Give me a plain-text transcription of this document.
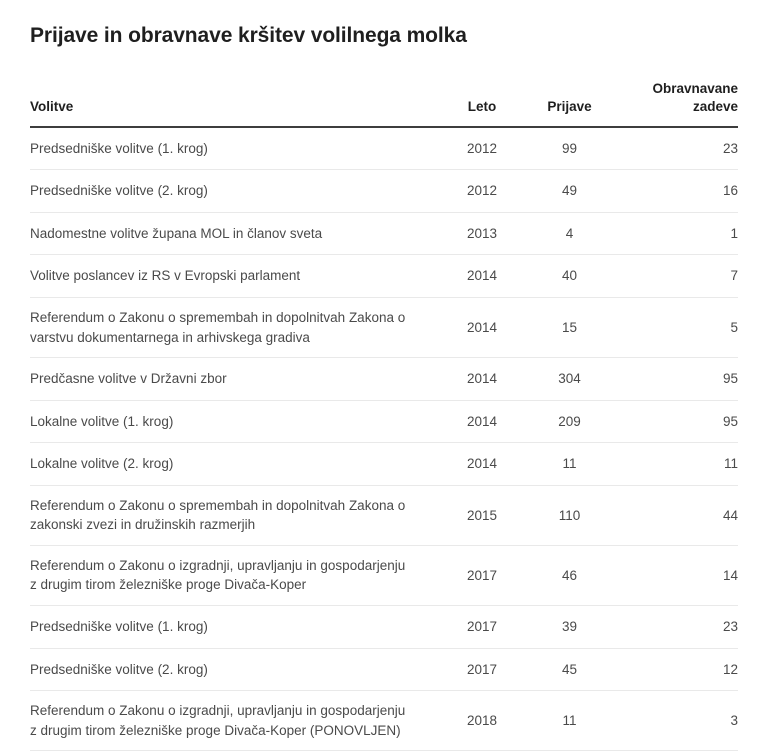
Prijave in obravnave kršitev volilnega molka
Volitve	Leto	Prijave	Obravnavane
zadeve

Predsedniške volitve (1. krog)	2012	99	23

Predsedniške volitve (2. krog)	2012	49	16

Nadomestne volitve župana MOL in članov sveta	2013	4	1

Volitve poslancev iz RS v Evropski parlament	2014	40	7

Referendum o Zakonu o spremembah in dopolnitvah Zakona o
varstvu dokumentarnega in arhivskega gradiva	2014	15	5

Predčasne volitve v Državni zbor	2014	304	95

Lokalne volitve (1. krog)	2014	209	95

Lokalne volitve (2. krog)	2014	11	11

Referendum o Zakonu o spremembah in dopolnitvah Zakona o
zakonski zvezi in družinskih razmerjih	2015	110	44

Referendum o Zakonu o izgradnji, upravljanju in gospodarjenju
z drugim tirom železniške proge Divača-Koper	2017	46	14

Predsedniške volitve (1. krog)	2017	39	23

Predsedniške volitve (2. krog)	2017	45	12

Referendum o Zakonu o izgradnji, upravljanju in gospodarjenju
z drugim tirom železniške proge Divača-Koper (PONOVLJEN)	2018	11	3
